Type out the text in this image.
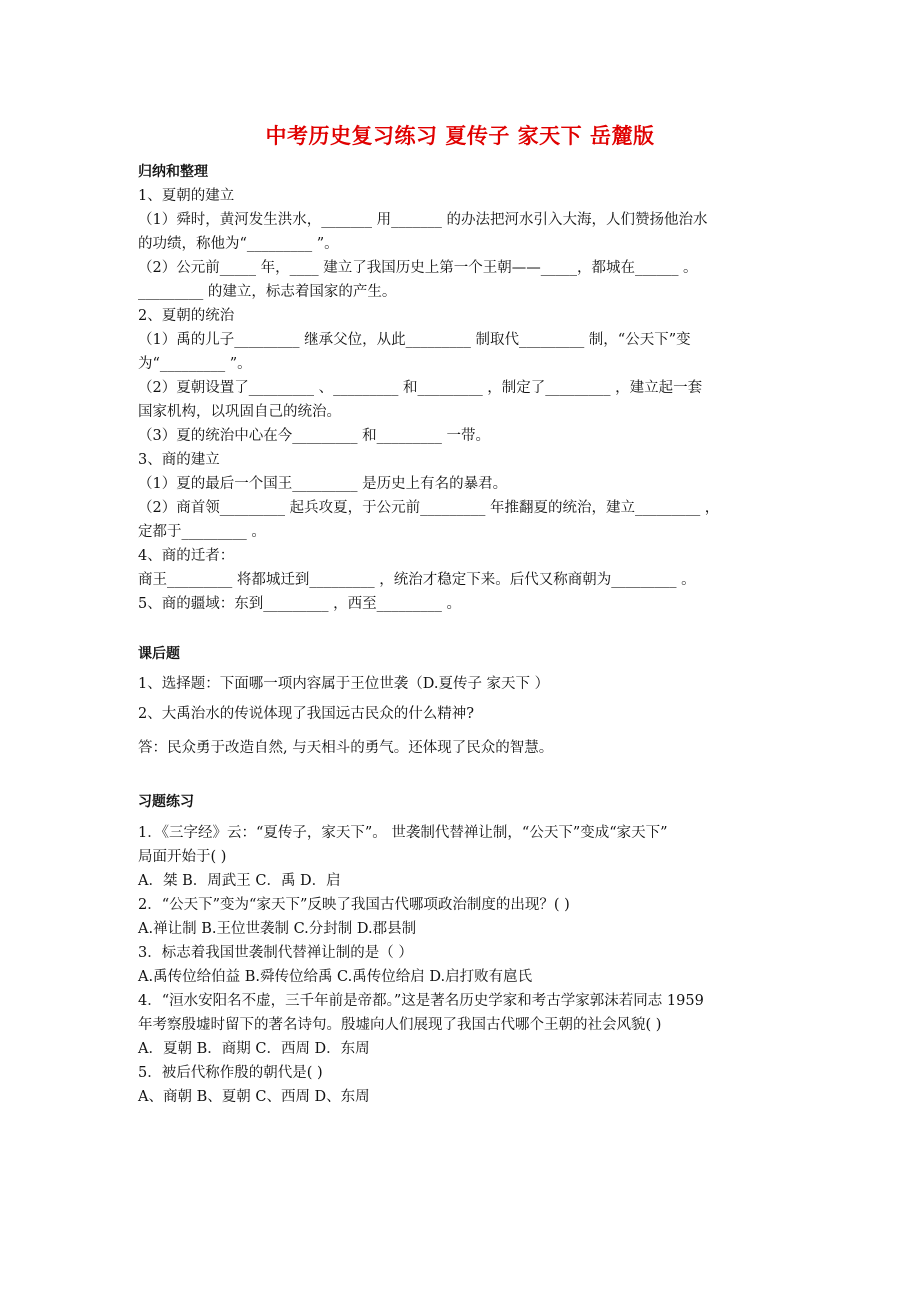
中考历史复习练习 夏传子 家天下 岳麓版
归纳和整理
1、夏朝的建立
（1）舜时，黄河发生洪水，_______ 用_______ 的办法把河水引入大海，人们赞扬他治水
的功绩，称他为“_________ ”。
（2）公元前_____ 年，____ 建立了我国历史上第一个王朝——_____，都城在______ 。
_________ 的建立，标志着国家的产生。
2、夏朝的统治
（1）禹的儿子_________ 继承父位，从此_________ 制取代_________ 制，“公天下”变
为“_________ ”。
（2）夏朝设置了_________ 、_________ 和_________ ，制定了_________ ，建立起一套
国家机构，以巩固自己的统治。
（3）夏的统治中心在今_________ 和_________ 一带。
3、商的建立
（1）夏的最后一个国王_________ 是历史上有名的暴君。
（2）商首领_________ 起兵攻夏，于公元前_________ 年推翻夏的统治，建立_________ ，
定都于_________ 。
4、商的迁者：
商王_________ 将都城迁到_________ ，统治才稳定下来。后代又称商朝为_________ 。
5、商的疆域：东到_________ ，西至_________ 。
课后题
1、选择题：下面哪一项内容属于王位世袭（D.夏传子 家天下 ）
2、大禹治水的传说体现了我国远古民众的什么精神?
答：民众勇于改造自然, 与天相斗的勇气。还体现了民众的智慧。
习题练习
1．《三字经》云：“夏传子，家天下”。 世袭制代替禅让制，“公天下”变成“家天下”
局面开始于( )
A．桀 B．周武王 C．禹 D．启
2．“公天下”变为“家天下”反映了我国古代哪项政治制度的出现？( )
A.禅让制 B.王位世袭制 C.分封制 D.郡县制
3．标志着我国世袭制代替禅让制的是（ ）
A.禹传位给伯益 B.舜传位给禹 C.禹传位给启 D.启打败有扈氏
4．“洹水安阳名不虚，三千年前是帝都。”这是著名历史学家和考古学家郭沫若同志 1959
年考察殷墟时留下的著名诗句。殷墟向人们展现了我国古代哪个王朝的社会风貌( )
A．夏朝 B．商期 C．西周 D．东周
5．被后代称作殷的朝代是( )
A、商朝 B、夏朝 C、西周 D、东周
